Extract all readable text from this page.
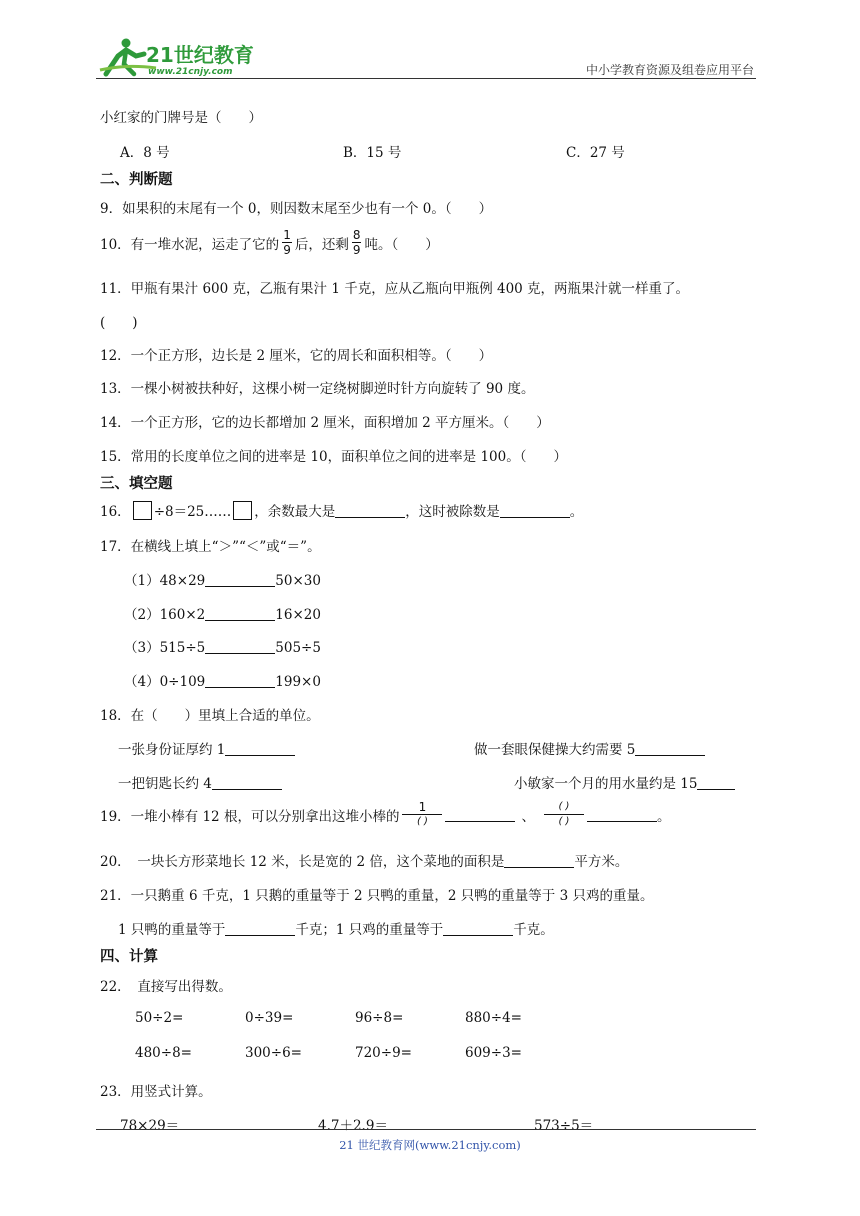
21世纪教育
www.21cnjy.com	中小学教育资源及组卷应用平台
小红家的门牌号是（　　）
A．8 号	B．15 号	C．27 号
二、判断题
9．如果积的末尾有一个 0，则因数末尾至少也有一个 0。（　　）
10．有一堆水泥，运走了它的 $\frac{1}{9}$ 后，还剩 $\frac{8}{9}$ 吨。（　　）
11．甲瓶有果汁 600 克，乙瓶有果汁 1 千克，应从乙瓶向甲瓶例 400 克，两瓶果汁就一样重了。
(　　)
12．一个正方形，边长是 2 厘米，它的周长和面积相等。（　　）
13．一棵小树被扶种好，这棵小树一定绕树脚逆时针方向旋转了 90 度。
14．一个正方形，它的边长都增加 2 厘米，面积增加 2 平方厘米。（　　）
15．常用的长度单位之间的进率是 10，面积单位之间的进率是 100。（　　）
三、填空题
16． ÷8＝25…… ，余数最大是	，这时被除数是	。
17．在横线上填上“＞”“＜”或“＝”。
（1）48×29	50×30
（2）160×2	16×20
（3）515÷5	505÷5
（4）0÷109	199×0
18．在（　　）里填上合适的单位。
一张身份证厚约 1	做一套眼保健操大约需要 5
一把钥匙长约 4	小敏家一个月的用水量约是 15
19．一堆小棒有 12 根，可以分别拿出这堆小棒的 $\frac{1}{( )}$	、 $\frac{( )}{( )}$	。
20．　一块长方形菜地长 12 米，长是宽的 2 倍，这个菜地的面积是	平方米。
21．一只鹅重 6 千克，1 只鹅的重量等于 2 只鸭的重量，2 只鸭的重量等于 3 只鸡的重量。
1 只鸭的重量等于	千克；1 只鸡的重量等于	千克。
四、计算
22．　直接写出得数。
50÷2=	0÷39=	96÷8=	880÷4=
480÷8=	300÷6=	720÷9=	609÷3=
23．用竖式计算。
78×29＝	4.7＋2.9＝	573÷5＝
21 世纪教育网(www.21cnjy.com)
